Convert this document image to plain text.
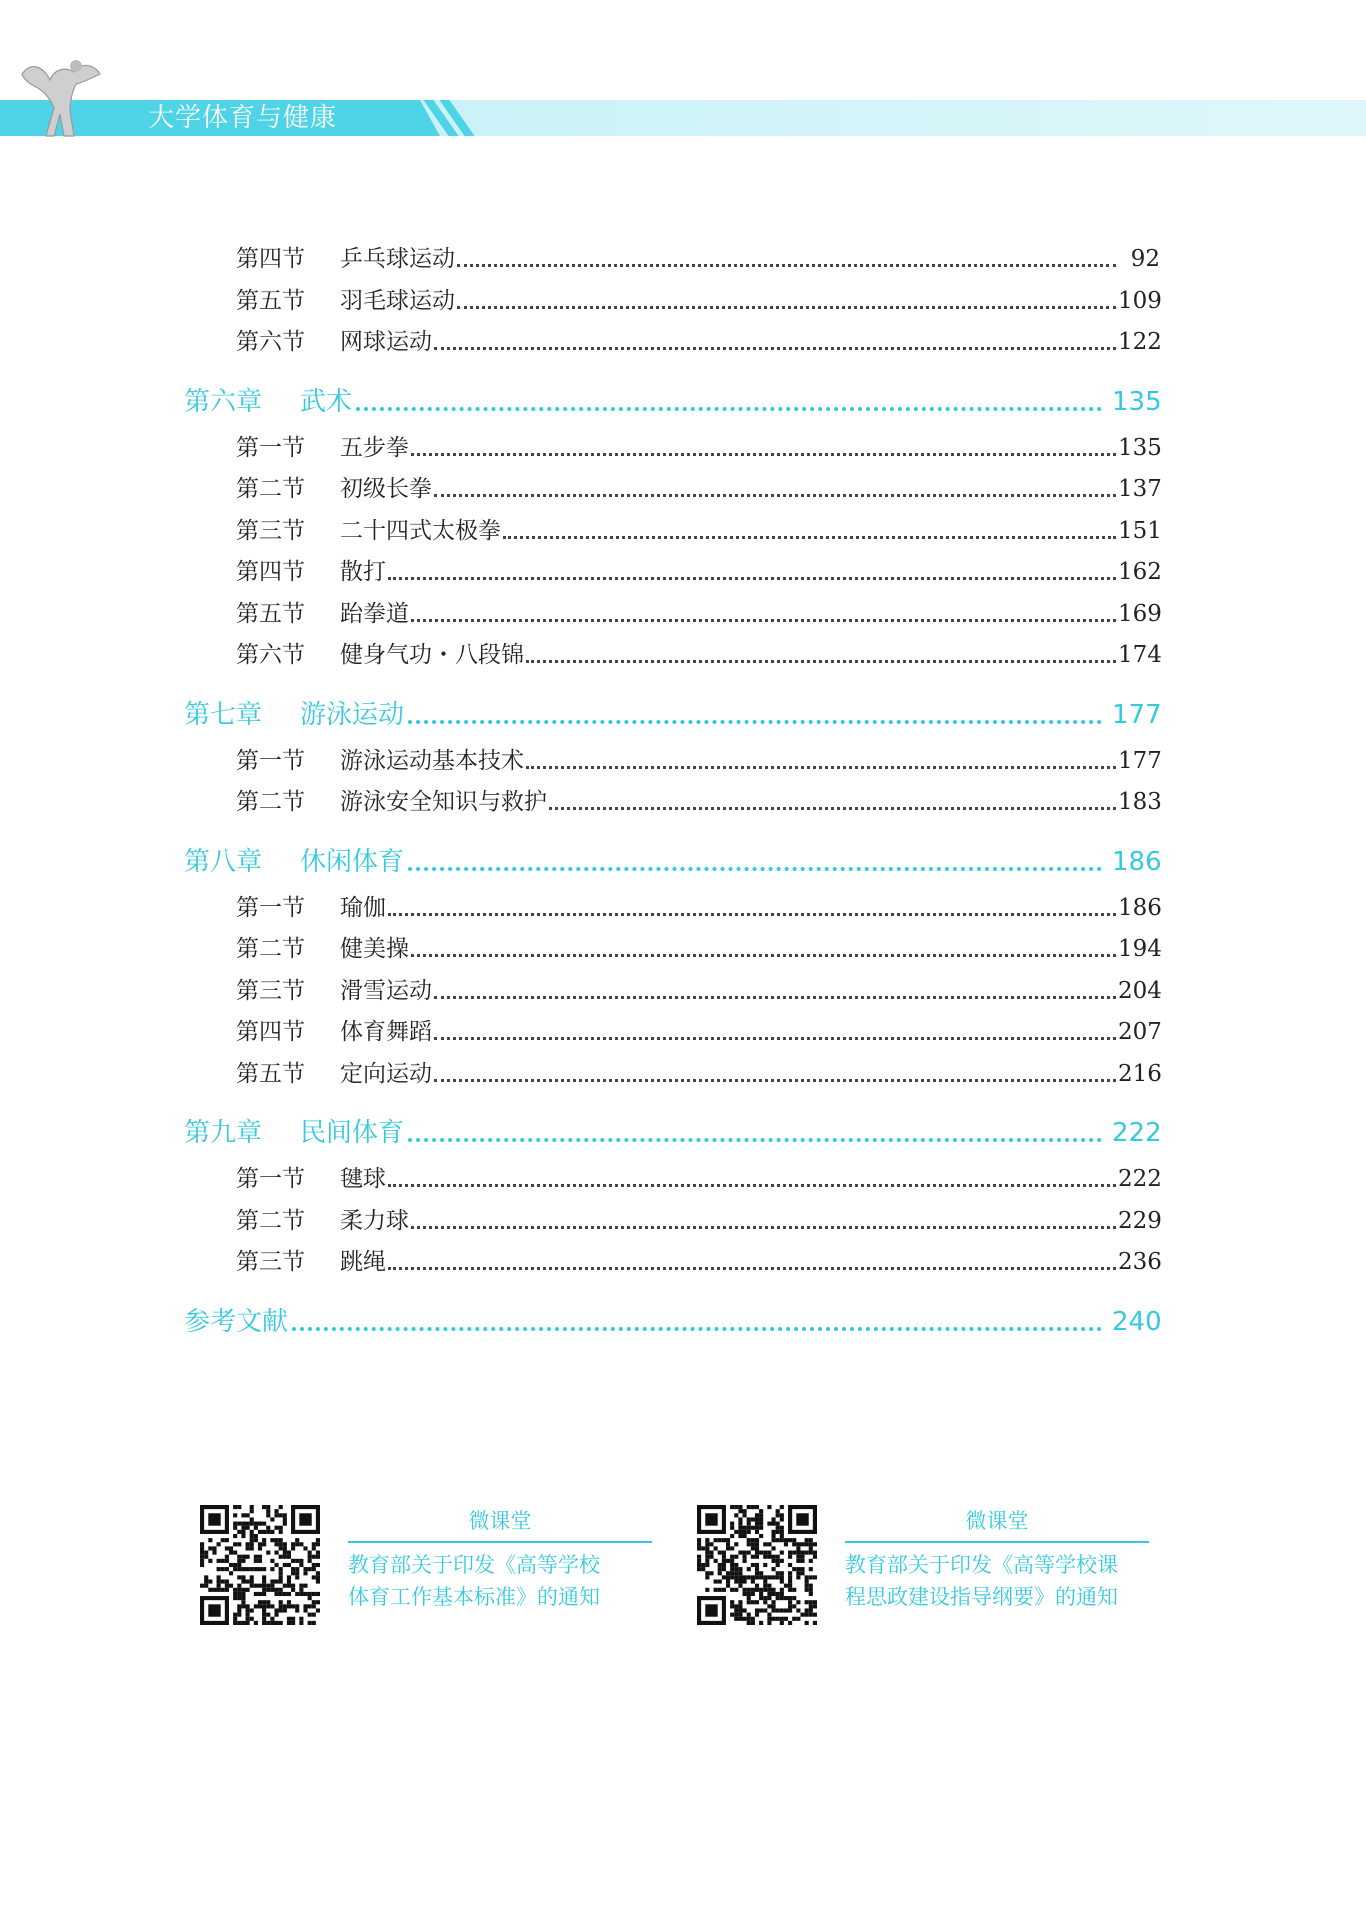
大学体育与健康
第四节	乒乓球运动	92
第五节	羽毛球运动	109
第六节	网球运动	122
第六章	武术	135
第一节	五步拳	135
第二节	初级长拳	137
第三节	二十四式太极拳	151
第四节	散打	162
第五节	跆拳道	169
第六节	健身气功・八段锦	174
第七章	游泳运动	177
第一节	游泳运动基本技术	177
第二节	游泳安全知识与救护	183
第八章	休闲体育	186
第一节	瑜伽	186
第二节	健美操	194
第三节	滑雪运动	204
第四节	体育舞蹈	207
第五节	定向运动	216
第九章	民间体育	222
第一节	毽球	222
第二节	柔力球	229
第三节	跳绳	236
参考文献	240
微课堂
教育部关于印发《高等学校
体育工作基本标准》的通知
微课堂
教育部关于印发《高等学校课
程思政建设指导纲要》的通知
